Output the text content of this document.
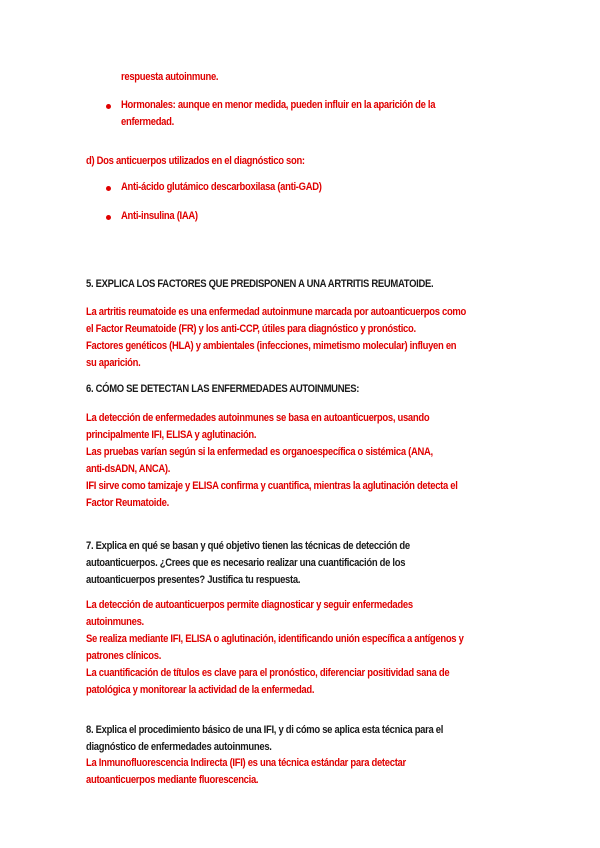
respuesta autoinmune.
Hormonales: aunque en menor medida, pueden influir en la aparición de la
enfermedad.
d) Dos anticuerpos utilizados en el diagnóstico son:
Anti-ácido glutámico descarboxilasa (anti-GAD)
Anti-insulina (IAA)
5. EXPLICA LOS FACTORES QUE PREDISPONEN A UNA ARTRITIS REUMATOIDE.
La artritis reumatoide es una enfermedad autoinmune marcada por autoanticuerpos como
el Factor Reumatoide (FR) y los anti-CCP, útiles para diagnóstico y pronóstico.
Factores genéticos (HLA) y ambientales (infecciones, mimetismo molecular) influyen en
su aparición.
6. CÓMO SE DETECTAN LAS ENFERMEDADES AUTOINMUNES:
La detección de enfermedades autoinmunes se basa en autoanticuerpos, usando
principalmente IFI, ELISA y aglutinación.
Las pruebas varían según si la enfermedad es organoespecífica o sistémica (ANA,
anti-dsADN, ANCA).
IFI sirve como tamizaje y ELISA confirma y cuantifica, mientras la aglutinación detecta el
Factor Reumatoide.
7. Explica en qué se basan y qué objetivo tienen las técnicas de detección de
autoanticuerpos. ¿Crees que es necesario realizar una cuantificación de los
autoanticuerpos presentes? Justifica tu respuesta.
La detección de autoanticuerpos permite diagnosticar y seguir enfermedades
autoinmunes.
Se realiza mediante IFI, ELISA o aglutinación, identificando unión específica a antígenos y
patrones clínicos.
La cuantificación de títulos es clave para el pronóstico, diferenciar positividad sana de
patológica y monitorear la actividad de la enfermedad.
8. Explica el procedimiento básico de una IFI, y di cómo se aplica esta técnica para el
diagnóstico de enfermedades autoinmunes.
La Inmunofluorescencia Indirecta (IFI) es una técnica estándar para detectar
autoanticuerpos mediante fluorescencia.
